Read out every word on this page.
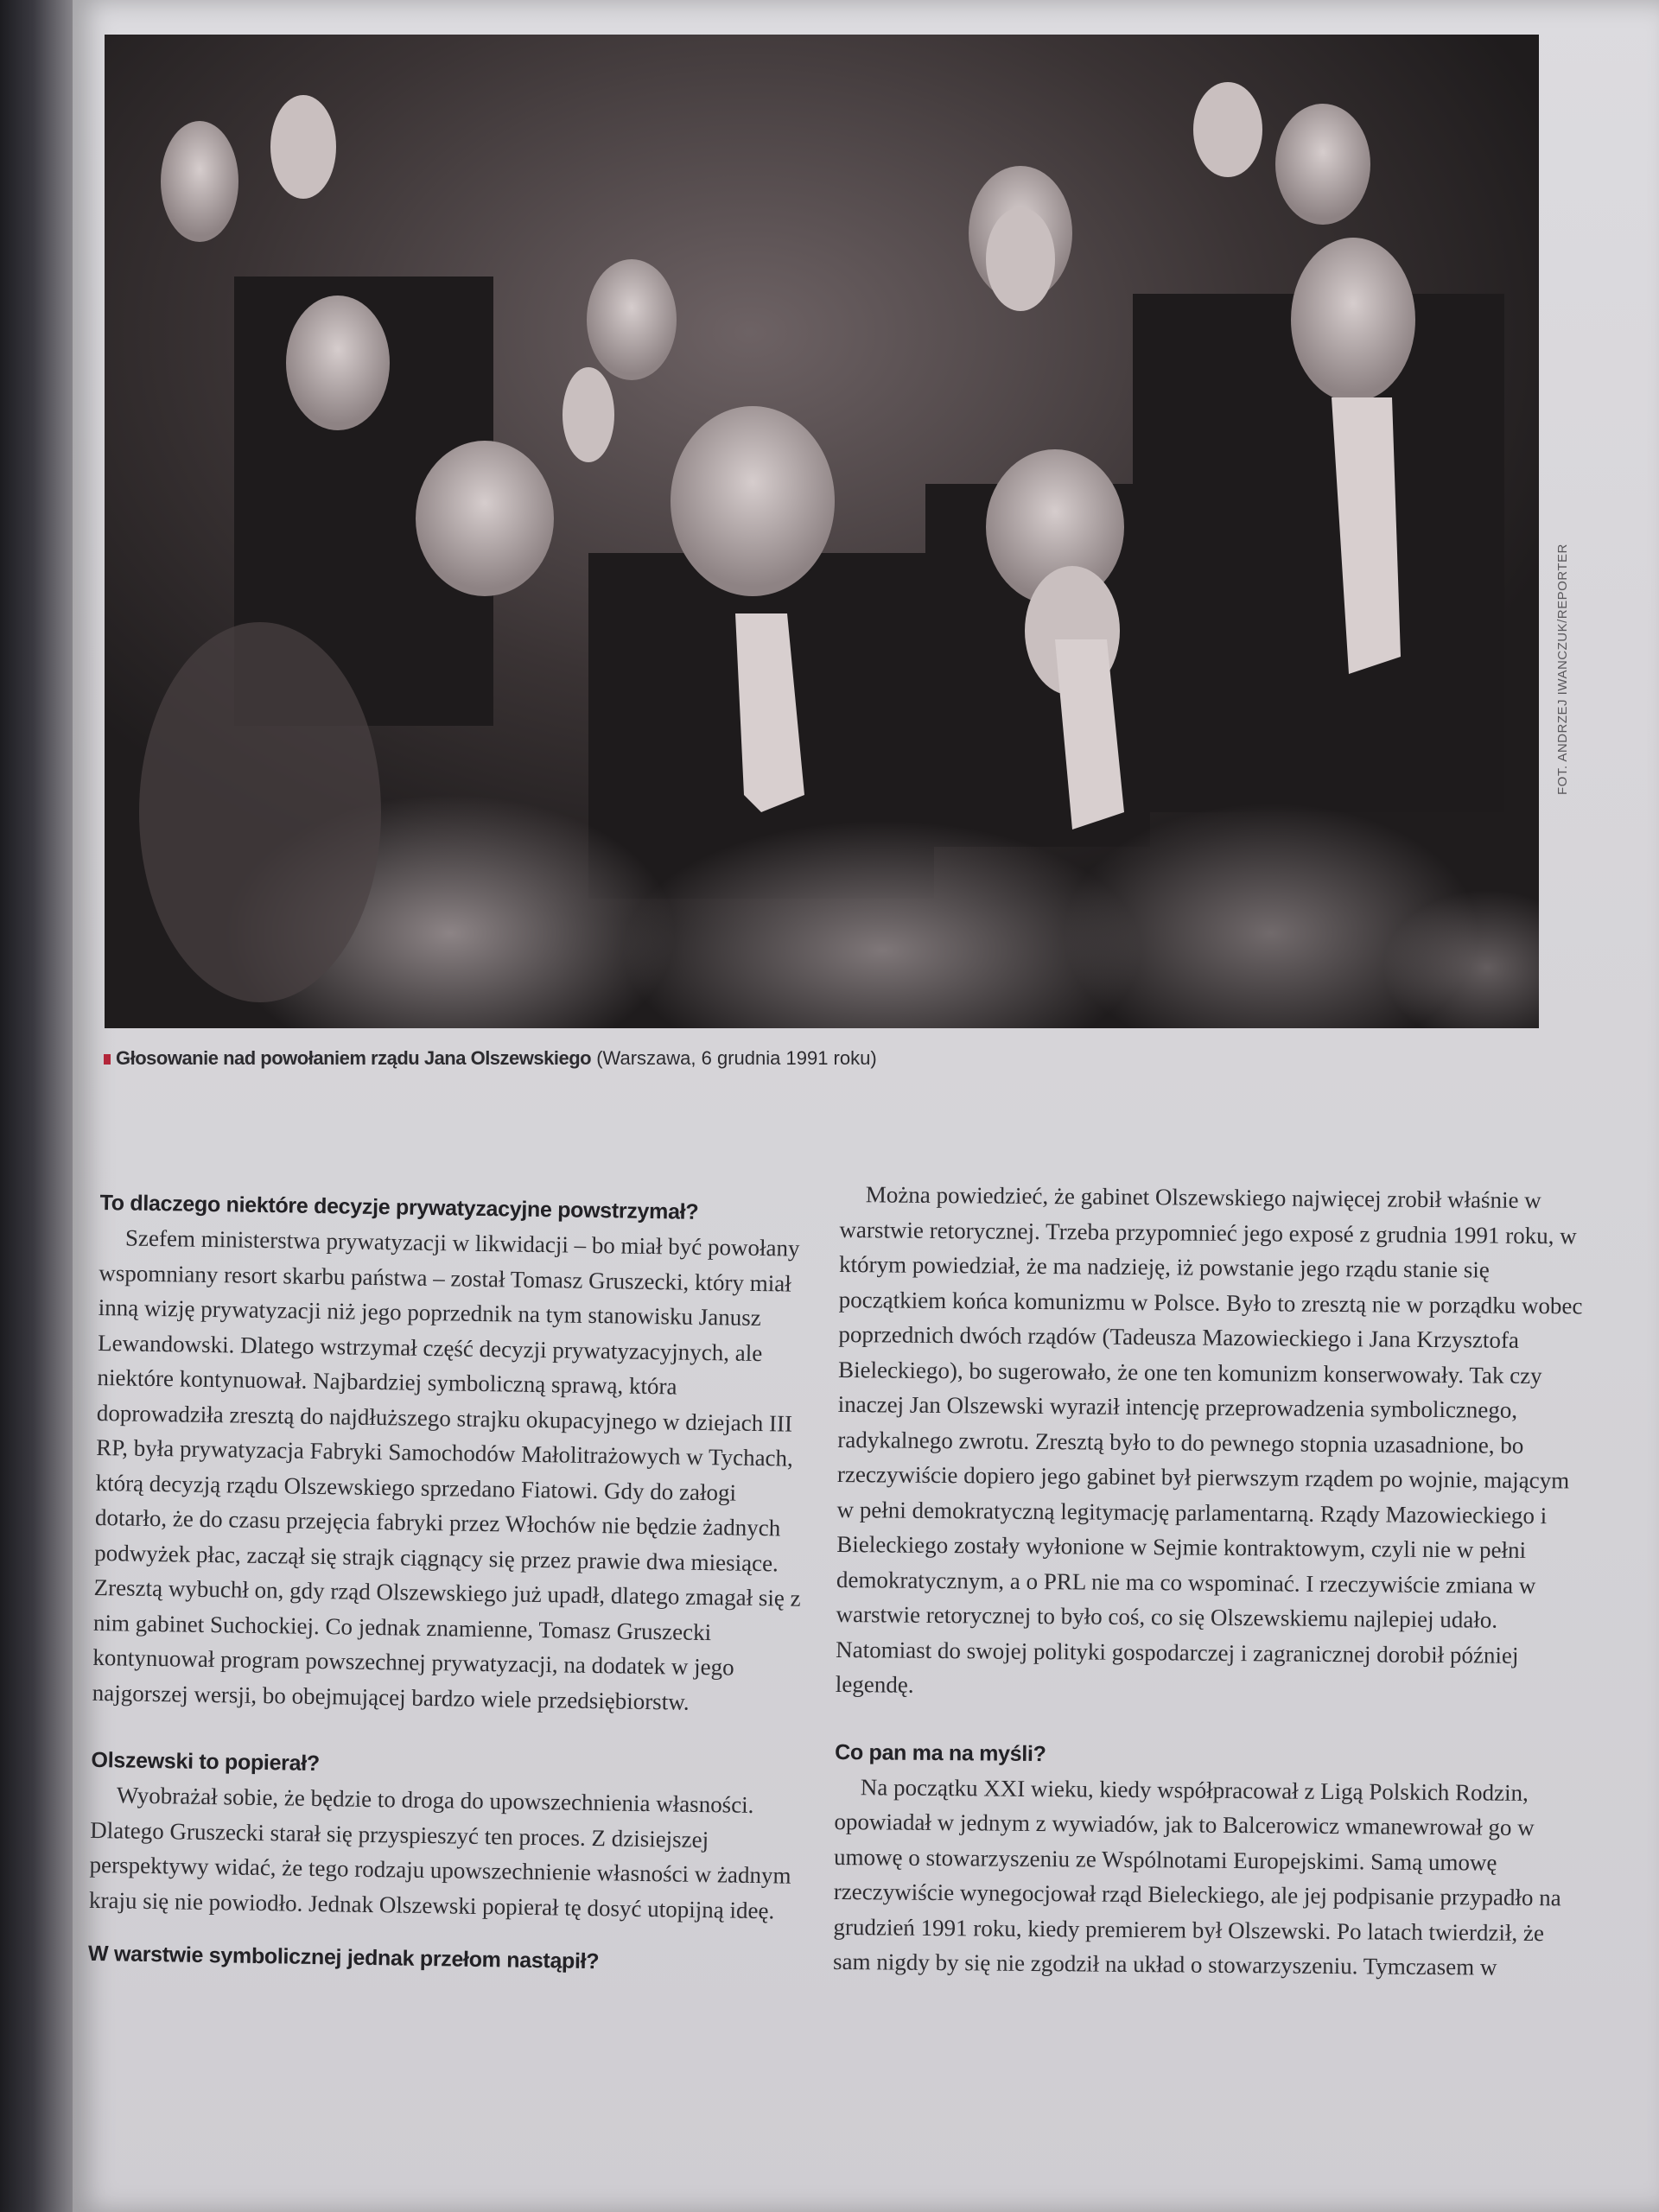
FOT. ANDRZEJ IWANCZUK/REPORTER
Głosowanie nad powołaniem rządu Jana Olszewskiego (Warszawa, 6 grudnia 1991 roku)
To dlaczego niektóre decyzje prywatyzacyjne powstrzymał?

Szefem ministerstwa prywatyzacji w likwidacji – bo miał być powołany wspomniany resort skarbu państwa – został Tomasz Gruszecki, który miał inną wizję prywatyzacji niż jego poprzednik na tym stanowisku Janusz Lewandowski. Dlatego wstrzymał część decyzji prywatyzacyjnych, ale niektóre kontynuował. Najbardziej symboliczną sprawą, która doprowadziła zresztą do najdłuższego strajku okupacyjnego w dziejach III RP, była prywatyzacja Fabryki Samochodów Małolitrażowych w Tychach, którą decyzją rządu Olszewskiego sprzedano Fiatowi. Gdy do załogi dotarło, że do czasu przejęcia fabryki przez Włochów nie będzie żadnych podwyżek płac, zaczął się strajk ciągnący się przez prawie dwa miesiące. Zresztą wybuchł on, gdy rząd Olszewskiego już upadł, dlatego zmagał się z nim gabinet Suchockiej. Co jednak znamienne, Tomasz Gruszecki kontynuował program powszechnej prywatyzacji, na dodatek w jego najgorszej wersji, bo obejmującej bardzo wiele przedsiębiorstw.

Olszewski to popierał?

Wyobrażał sobie, że będzie to droga do upowszechnienia własności. Dlatego Gruszecki starał się przyspieszyć ten proces. Z dzisiejszej perspektywy widać, że tego rodzaju upowszechnienie własności w żadnym kraju się nie powiodło. Jednak Olszewski popierał tę dosyć utopijną ideę.

W warstwie symbolicznej jednak przełom nastąpił?

Można powiedzieć, że gabinet Olszewskiego najwięcej zrobił właśnie w warstwie retorycznej. Trzeba przypomnieć jego exposé z grudnia 1991 roku, w którym powiedział, że ma nadzieję, iż powstanie jego rządu stanie się początkiem końca komunizmu w Polsce. Było to zresztą nie w porządku wobec poprzednich dwóch rządów (Tadeusza Mazowieckiego i Jana Krzysztofa Bieleckiego), bo sugerowało, że one ten komunizm konserwowały. Tak czy inaczej Jan Olszewski wyraził intencję przeprowadzenia symbolicznego, radykalnego zwrotu. Zresztą było to do pewnego stopnia uzasadnione, bo rzeczywiście dopiero jego gabinet był pierwszym rządem po wojnie, mającym w pełni demokratyczną legitymację parlamentarną. Rządy Mazowieckiego i Bieleckiego zostały wyłonione w Sejmie kontraktowym, czyli nie w pełni demokratycznym, a o PRL nie ma co wspominać. I rzeczywiście zmiana w warstwie retorycznej to było coś, co się Olszewskiemu najlepiej udało. Natomiast do swojej polityki gospodarczej i zagranicznej dorobił później legendę.

Co pan ma na myśli?

Na początku XXI wieku, kiedy współpracował z Ligą Polskich Rodzin, opowiadał w jednym z wywiadów, jak to Balcerowicz wmanewrował go w umowę o stowarzyszeniu ze Wspólnotami Europejskimi. Samą umowę rzeczywiście wynegocjował rząd Bieleckiego, ale jej podpisanie przypadło na grudzień 1991 roku, kiedy premierem był Olszewski. Po latach twierdził, że sam nigdy by się nie zgodził na układ o stowarzyszeniu. Tymczasem w
